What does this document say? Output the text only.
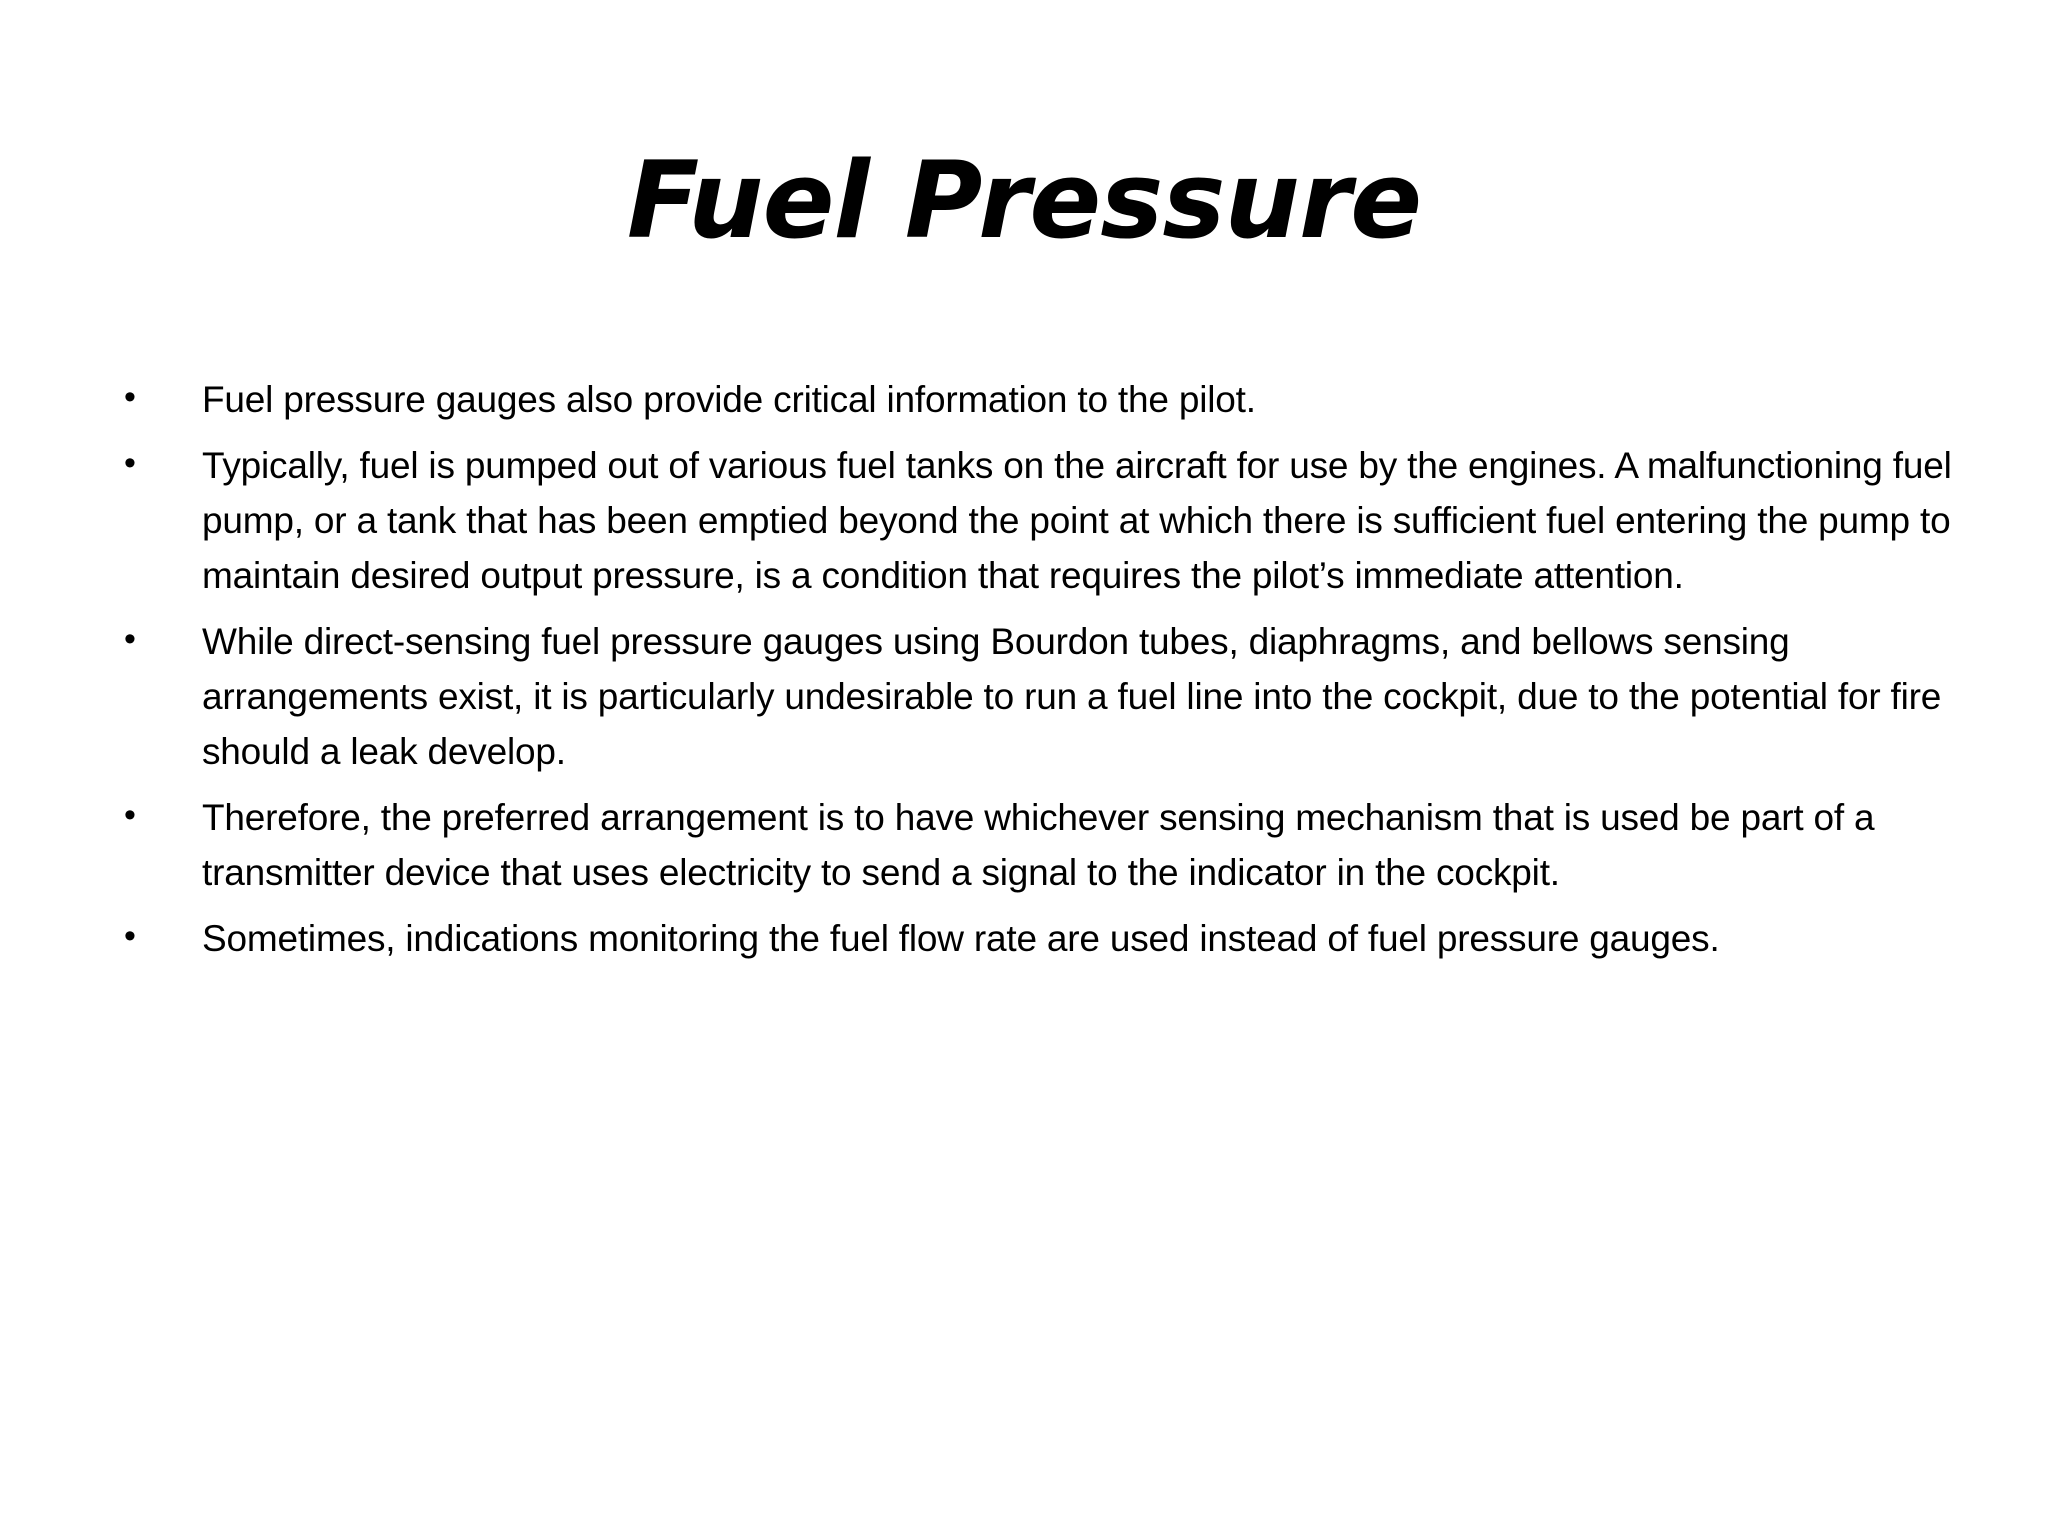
Fuel Pressure
• Fuel pressure gauges also provide critical information to the pilot.
• Typically, fuel is pumped out of various fuel tanks on the aircraft for use by the engines. A malfunctioning fuel pump, or a tank that has been emptied beyond the point at which there is sufficient fuel entering the pump to maintain desired output pressure, is a condition that requires the pilot’s immediate attention.
• While direct-sensing fuel pressure gauges using Bourdon tubes, diaphragms, and bellows sensing arrangements exist, it is particularly undesirable to run a fuel line into the cockpit, due to the potential for fire should a leak develop.
• Therefore, the preferred arrangement is to have whichever sensing mechanism that is used be part of a transmitter device that uses electricity to send a signal to the indicator in the cockpit.
• Sometimes, indications monitoring the fuel flow rate are used instead of fuel pressure gauges.
